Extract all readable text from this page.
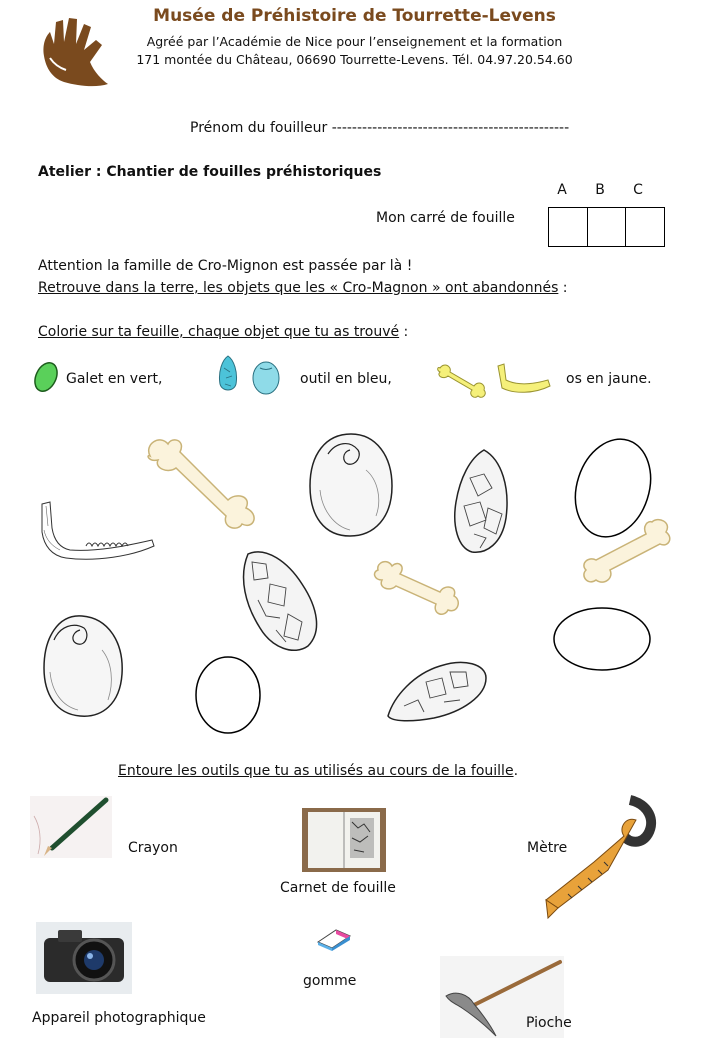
Musée de Préhistoire de Tourrette-Levens
Agréé par l’Académie de Nice pour l’enseignement et la formation
171 montée du Château, 06690 Tourrette-Levens. Tél. 04.97.20.54.60
Prénom du fouilleur -----------------------------------------------
Atelier : Chantier de fouilles préhistoriques
A	B	C
Mon carré de fouille
Attention la famille de Cro-Mignon est passée par là !
Retrouve dans la terre, les objets que les « Cro-Magnon » ont abandonnés :
Colorie sur ta feuille, chaque objet que tu as trouvé :
Galet en vert,	outil en bleu,	os en jaune.
Entoure les outils que tu as utilisés au cours de la fouille.
Crayon
Carnet de fouille
Mètre
Appareil photographique
gomme
Pioche
